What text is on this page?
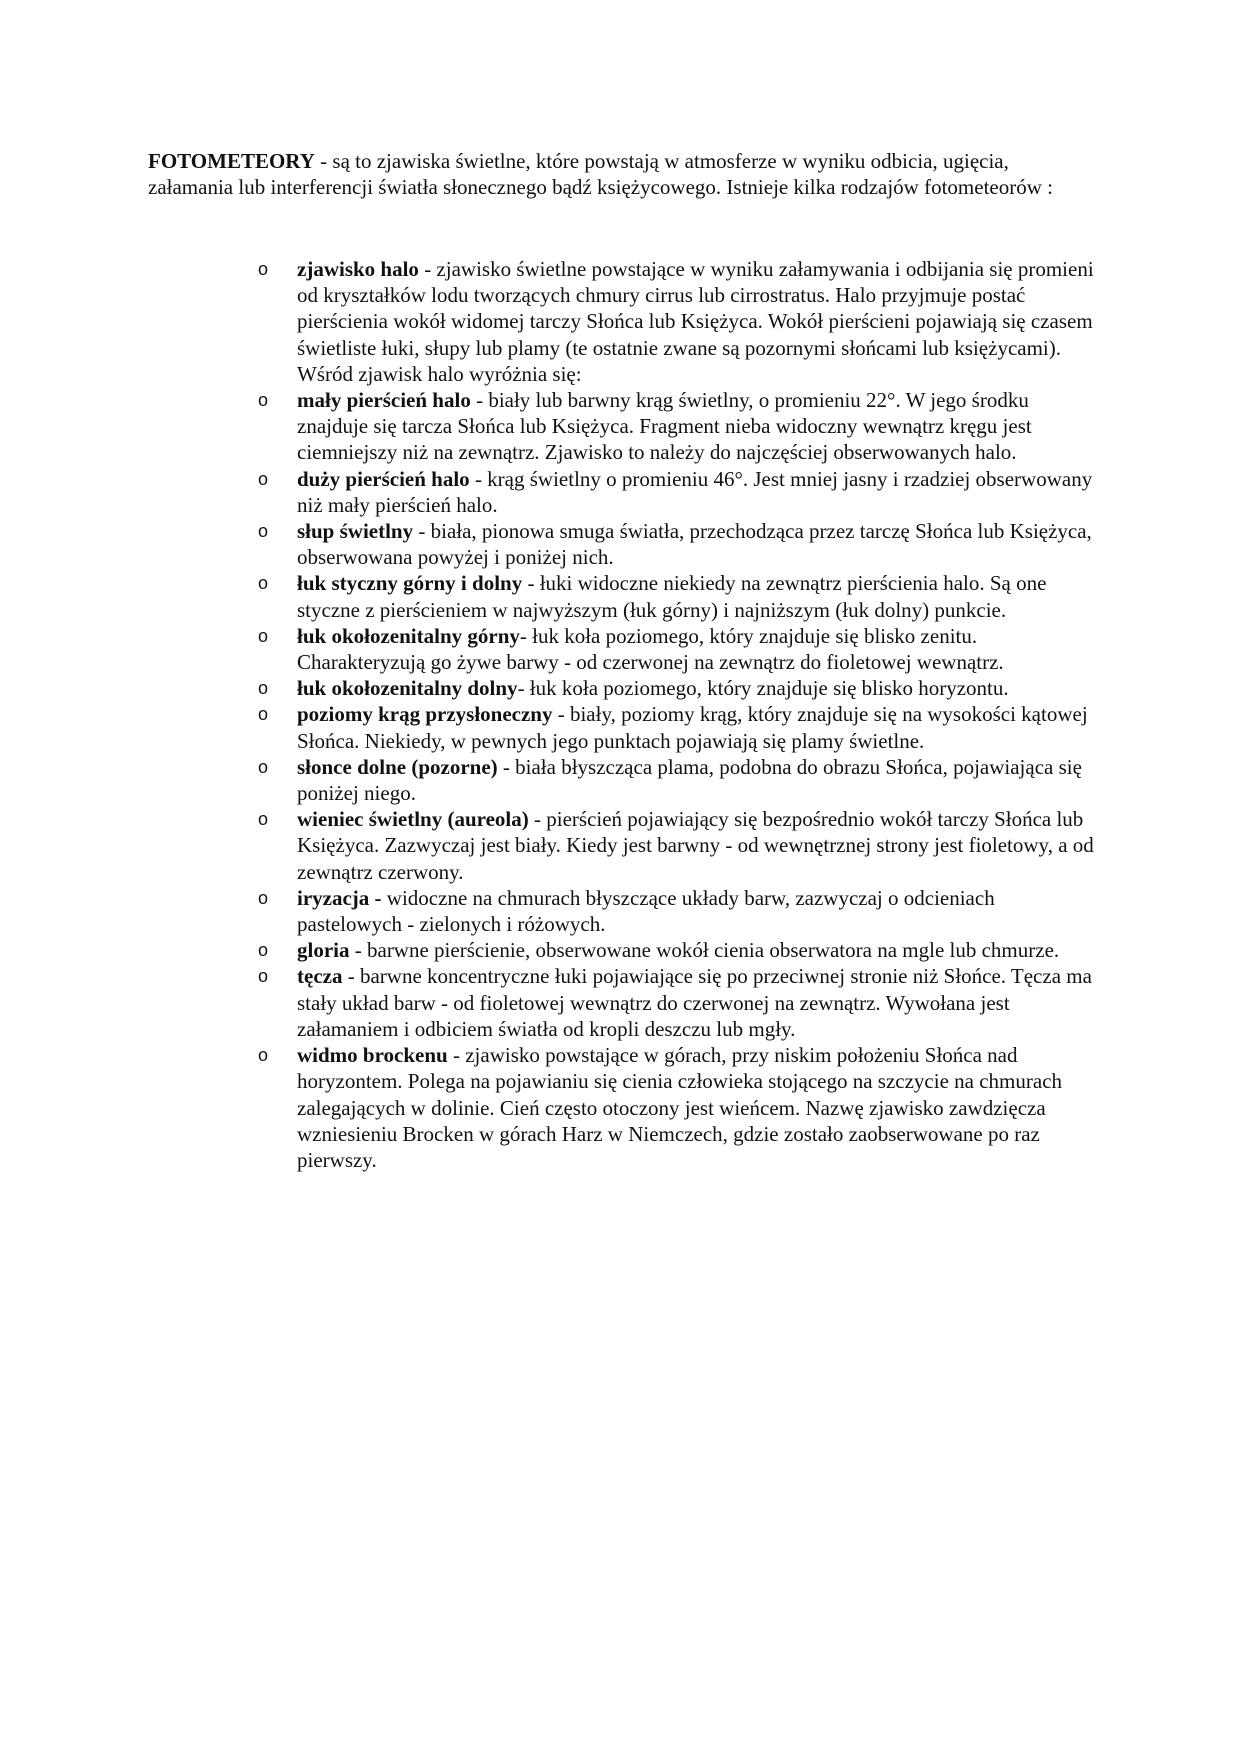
FOTOMETEORY - są to zjawiska świetlne, które powstają w atmosferze w wyniku odbicia, ugięcia, załamania lub interferencji światła słonecznego bądź księżycowego. Istnieje kilka rodzajów fotometeorów :

o	zjawisko halo - zjawisko świetlne powstające w wyniku załamywania i odbijania się promieni od kryształków lodu tworzących chmury cirrus lub cirrostratus. Halo przyjmuje postać pierścienia wokół widomej tarczy Słońca lub Księżyca. Wokół pierścieni pojawiają się czasem świetliste łuki, słupy lub plamy (te ostatnie zwane są pozornymi słońcami lub księżycami). Wśród zjawisk halo wyróżnia się:
o	mały pierścień halo - biały lub barwny krąg świetlny, o promieniu 22°. W jego środku znajduje się tarcza Słońca lub Księżyca. Fragment nieba widoczny wewnątrz kręgu jest ciemniejszy niż na zewnątrz. Zjawisko to należy do najczęściej obserwowanych halo.
o	duży pierścień halo - krąg świetlny o promieniu 46°. Jest mniej jasny i rzadziej obserwowany niż mały pierścień halo.
o	słup świetlny - biała, pionowa smuga światła, przechodząca przez tarczę Słońca lub Księżyca, obserwowana powyżej i poniżej nich.
o	łuk styczny górny i dolny - łuki widoczne niekiedy na zewnątrz pierścienia halo. Są one styczne z pierścieniem w najwyższym (łuk górny) i najniższym (łuk dolny) punkcie.
o	łuk okołozenitalny górny- łuk koła poziomego, który znajduje się blisko zenitu. Charakteryzują go żywe barwy - od czerwonej na zewnątrz do fioletowej wewnątrz.
o	łuk okołozenitalny dolny- łuk koła poziomego, który znajduje się blisko horyzontu.
o	poziomy krąg przysłoneczny - biały, poziomy krąg, który znajduje się na wysokości kątowej Słońca. Niekiedy, w pewnych jego punktach pojawiają się plamy świetlne.
o	słonce dolne (pozorne) - biała błyszcząca plama, podobna do obrazu Słońca, pojawiająca się poniżej niego.
o	wieniec świetlny (aureola) - pierścień pojawiający się bezpośrednio wokół tarczy Słońca lub Księżyca. Zazwyczaj jest biały. Kiedy jest barwny - od wewnętrznej strony jest fioletowy, a od zewnątrz czerwony.
o	iryzacja - widoczne na chmurach błyszczące układy barw, zazwyczaj o odcieniach pastelowych - zielonych i różowych.
o	gloria - barwne pierścienie, obserwowane wokół cienia obserwatora na mgle lub chmurze.
o	tęcza - barwne koncentryczne łuki pojawiające się po przeciwnej stronie niż Słońce. Tęcza ma stały układ barw - od fioletowej wewnątrz do czerwonej na zewnątrz. Wywołana jest załamaniem i odbiciem światła od kropli deszczu lub mgły.
o	widmo brockenu - zjawisko powstające w górach, przy niskim położeniu Słońca nad horyzontem. Polega na pojawianiu się cienia człowieka stojącego na szczycie na chmurach zalegających w dolinie. Cień często otoczony jest wieńcem. Nazwę zjawisko zawdzięcza wzniesieniu Brocken w górach Harz w Niemczech, gdzie zostało zaobserwowane po raz pierwszy.
